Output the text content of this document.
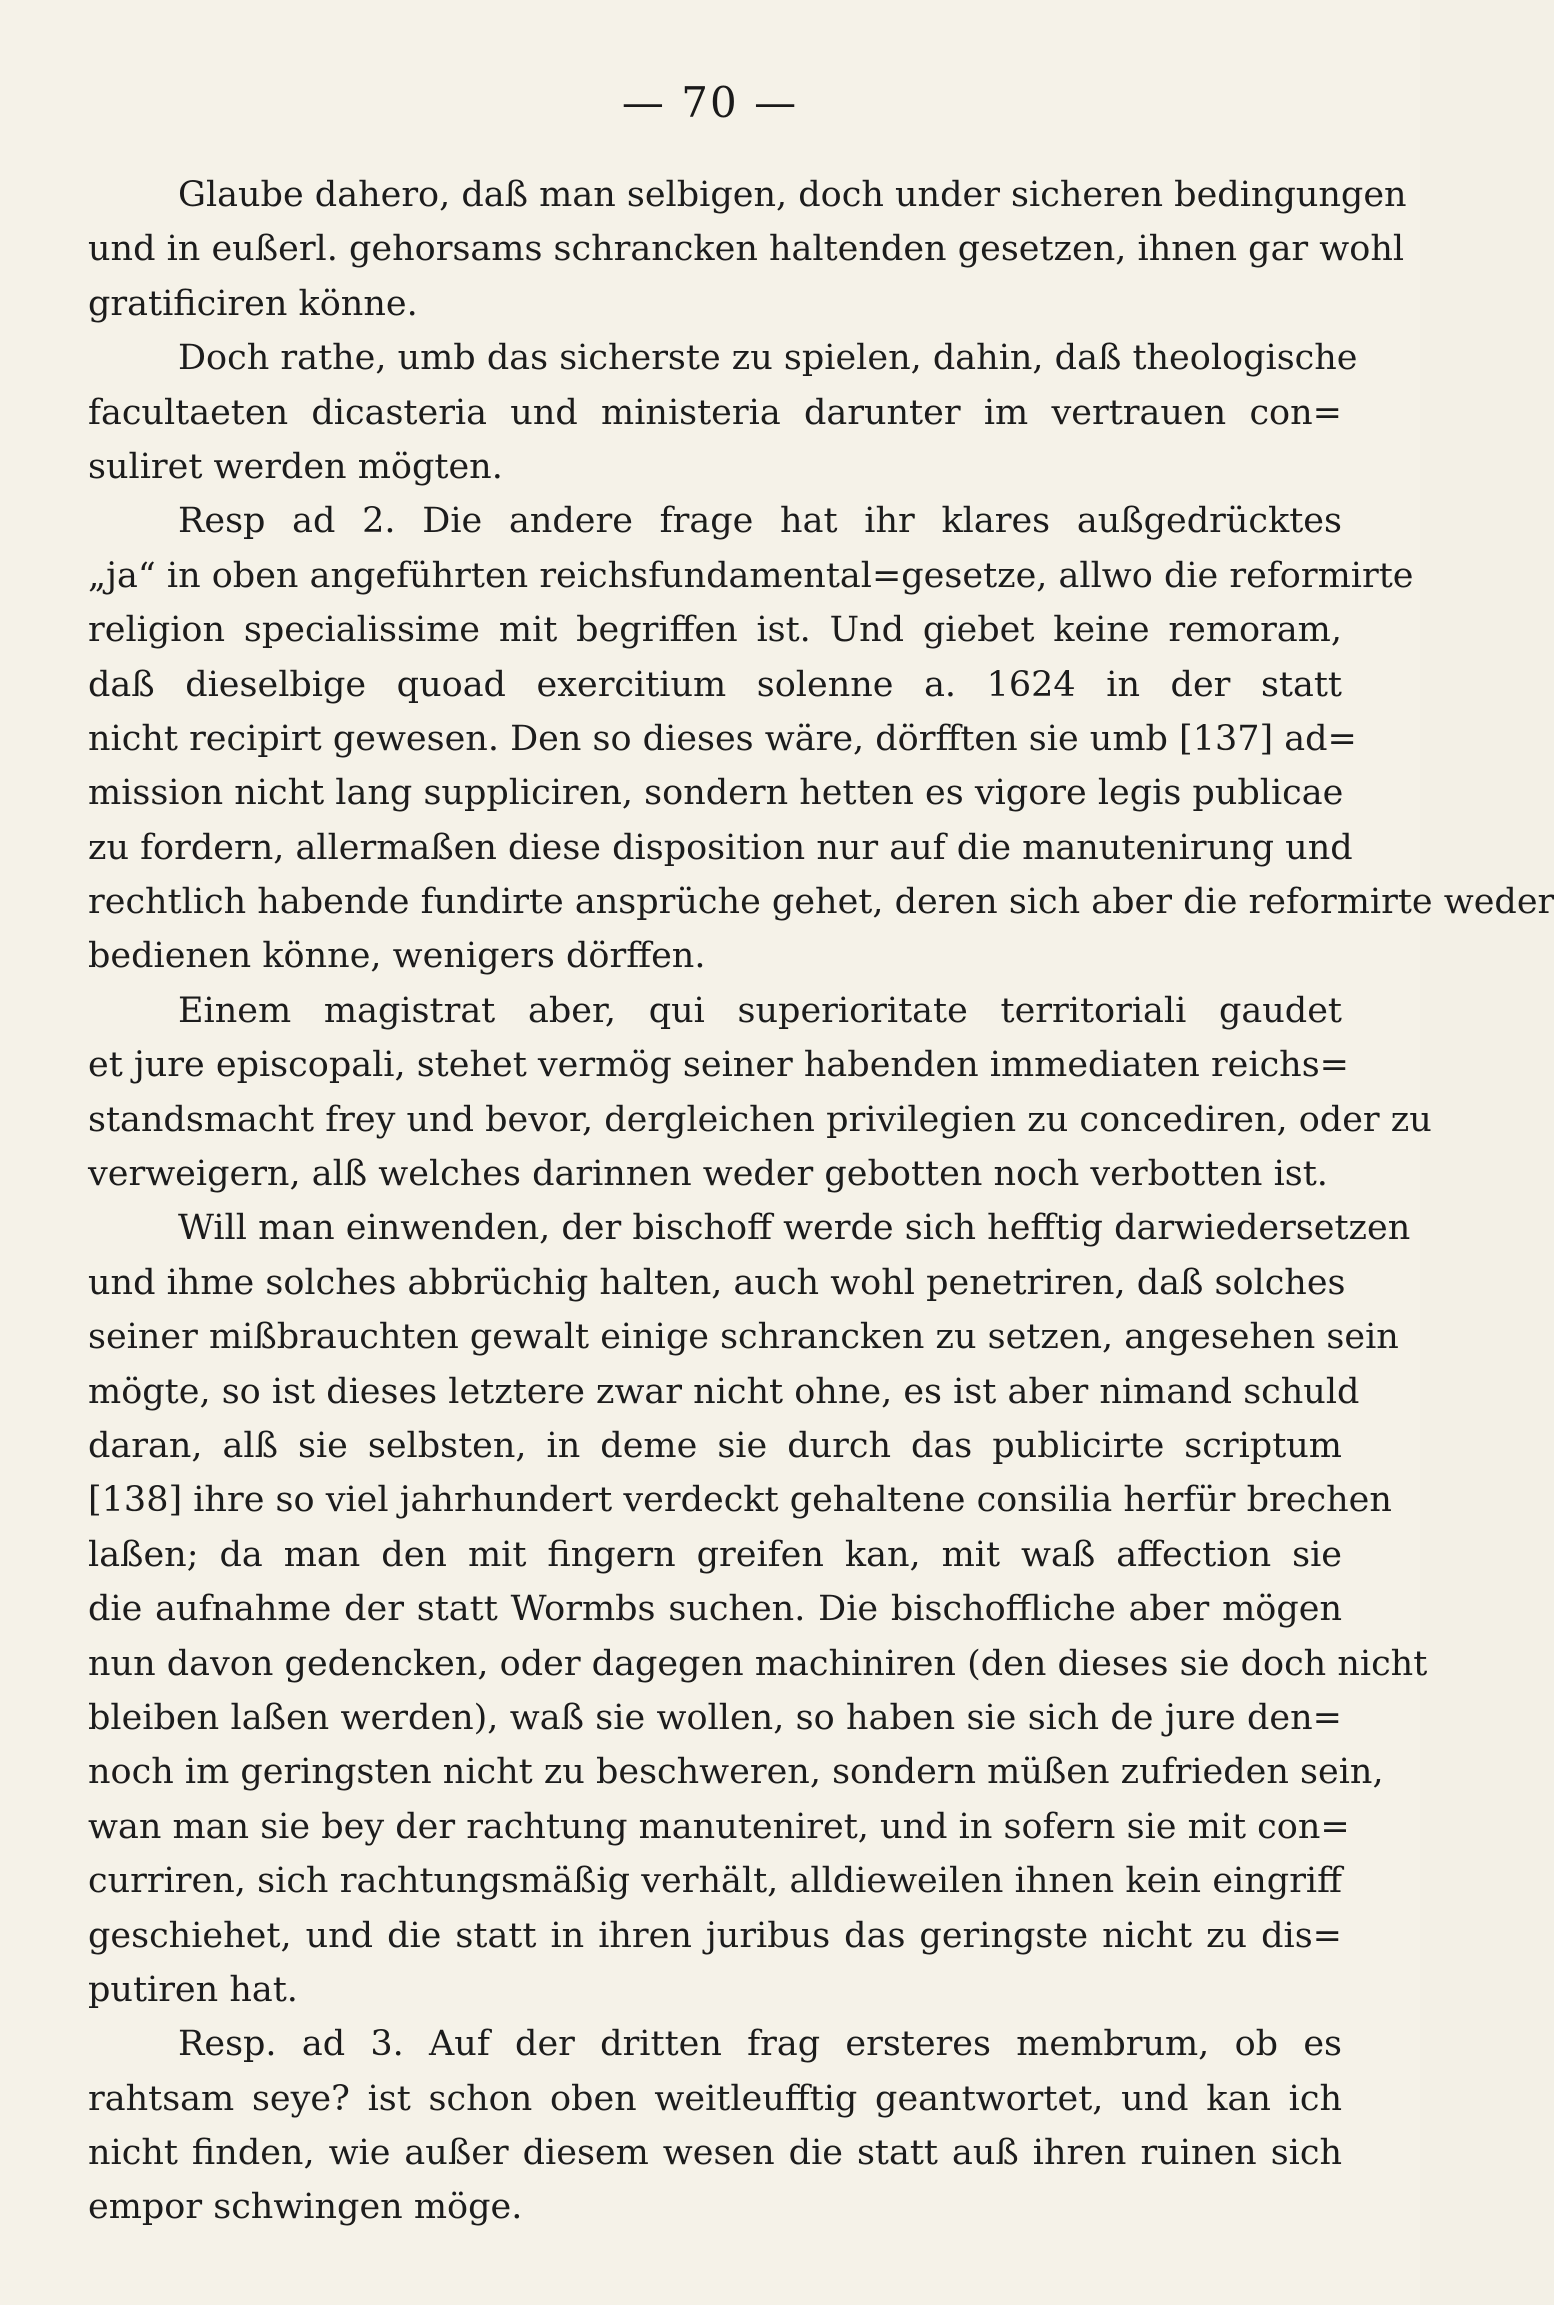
— 70 —
Glaube dahero, daß man selbigen, doch under sicheren bedingungen
und in eußerl. gehorsams schrancken haltenden gesetzen, ihnen gar wohl
gratificiren könne.
Doch rathe, umb das sicherste zu spielen, dahin, daß theologische
facultaeten dicasteria und ministeria darunter im vertrauen con=
suliret werden mögten.
Resp ad 2. Die andere frage hat ihr klares außgedrücktes
„ja“ in oben angeführten reichsfundamental=gesetze, allwo die reformirte
religion specialissime mit begriffen ist. Und giebet keine remoram,
daß dieselbige quoad exercitium solenne a. 1624 in der statt
nicht recipirt gewesen. Den so dieses wäre, dörfften sie umb [137] ad=
mission nicht lang suppliciren, sondern hetten es vigore legis publicae
zu fordern, allermaßen diese disposition nur auf die manutenirung und
rechtlich habende fundirte ansprüche gehet, deren sich aber die reformirte weder
bedienen könne, wenigers dörffen.
Einem magistrat aber, qui superioritate territoriali gaudet
et jure episcopali, stehet vermög seiner habenden immediaten reichs=
standsmacht frey und bevor, dergleichen privilegien zu concediren, oder zu
verweigern, alß welches darinnen weder gebotten noch verbotten ist.
Will man einwenden, der bischoff werde sich hefftig darwiedersetzen
und ihme solches abbrüchig halten, auch wohl penetriren, daß solches
seiner mißbrauchten gewalt einige schrancken zu setzen, angesehen sein
mögte, so ist dieses letztere zwar nicht ohne, es ist aber nimand schuld
daran, alß sie selbsten, in deme sie durch das publicirte scriptum
[138] ihre so viel jahrhundert verdeckt gehaltene consilia herfür brechen
laßen; da man den mit fingern greifen kan, mit waß affection sie
die aufnahme der statt Wormbs suchen. Die bischoffliche aber mögen
nun davon gedencken, oder dagegen machiniren (den dieses sie doch nicht
bleiben laßen werden), waß sie wollen, so haben sie sich de jure den=
noch im geringsten nicht zu beschweren, sondern müßen zufrieden sein,
wan man sie bey der rachtung manuteniret, und in sofern sie mit con=
curriren, sich rachtungsmäßig verhält, alldieweilen ihnen kein eingriff
geschiehet, und die statt in ihren juribus das geringste nicht zu dis=
putiren hat.
Resp. ad 3. Auf der dritten frag ersteres membrum, ob es
rahtsam seye? ist schon oben weitleufftig geantwortet, und kan ich
nicht finden, wie außer diesem wesen die statt auß ihren ruinen sich
empor schwingen möge.
